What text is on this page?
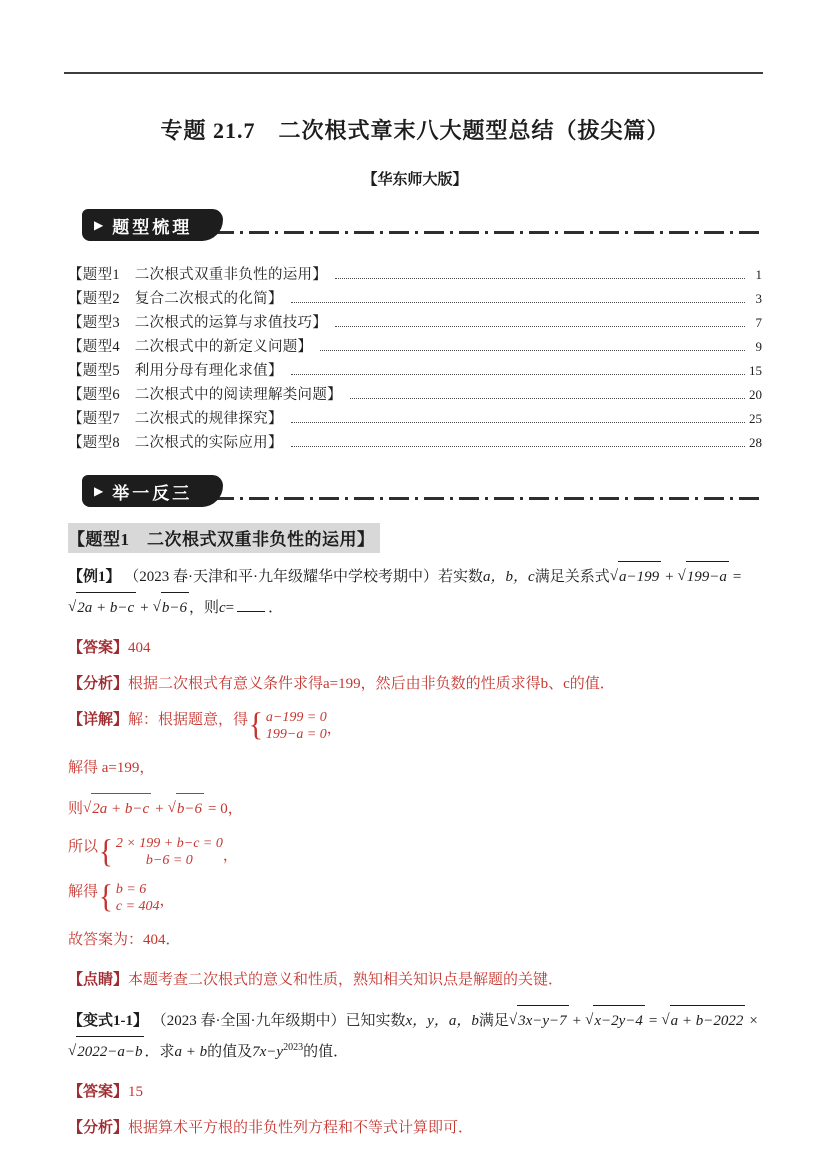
专题 21.7　二次根式章末八大题型总结（拔尖篇）
【华东师大版】
▶ 题型梳理
【题型1　二次根式双重非负性的运用】	1
【题型2　复合二次根式的化简】	3
【题型3　二次根式的运算与求值技巧】	7
【题型4　二次根式中的新定义问题】	9
【题型5　利用分母有理化求值】	15
【题型6　二次根式中的阅读理解类问题】	20
【题型7　二次根式的规律探究】	25
【题型8　二次根式的实际应用】	28
▶ 举一反三
【题型1　二次根式双重非负性的运用】

【例1】 （2023 春·天津和平·九年级耀华中学校考期中）若实数a，b，c满足关系式√a−199 + √199−a =√2a + b−c + √b−6 ，则c= ．

【答案】404

【分析】根据二次根式有意义条件求得a=199，然后由非负数的性质求得b、c的值．

【详解】解：根据题意，得 { a−199 = 0
199−a = 0 ，

解得 a=199，

则√2a + b−c + √b−6 = 0，

所以 { 2 × 199 + b−c = 0
b−6 = 0 ，

解得 { b = 6
c = 404 ，

故答案为：404．

【点睛】本题考查二次根式的意义和性质，熟知相关知识点是解题的关键．

【变式1-1】 （2023 春·全国·九年级期中）已知实数x，y，a，b满足√3x−y−7 + √x−2y−4 = √a + b−2022 ×√2022−a−b ．求a + b的值及$7x-y^{2023}$的值．

【答案】15

【分析】根据算术平方根的非负性列方程和不等式计算即可．
